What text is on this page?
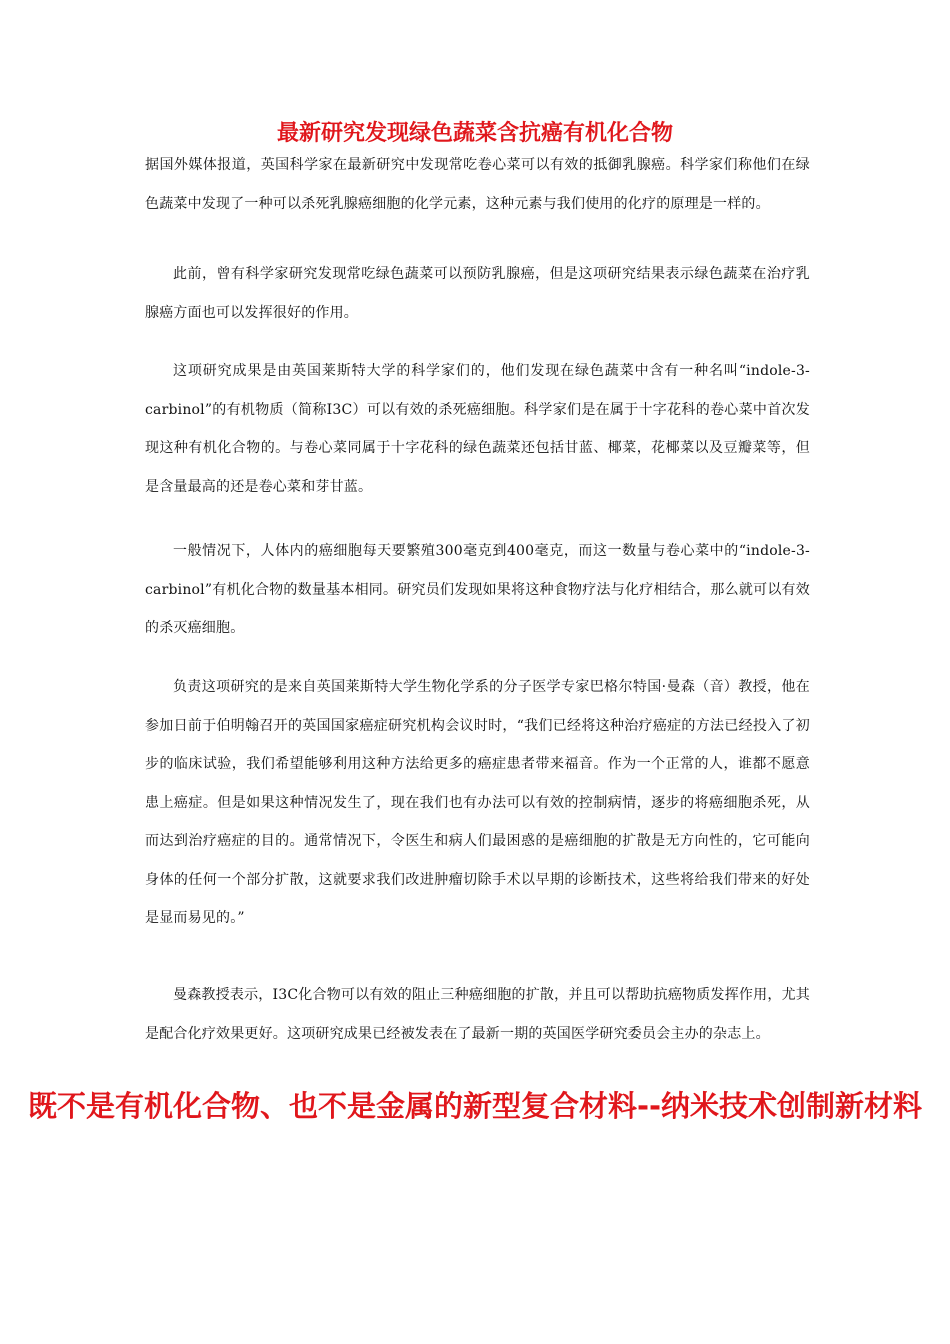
最新研究发现绿色蔬菜含抗癌有机化合物

据国外媒体报道，英国科学家在最新研究中发现常吃卷心菜可以有效的抵御乳腺癌。科学家们称他们在绿色蔬菜中发现了一种可以杀死乳腺癌细胞的化学元素，这种元素与我们使用的化疗的原理是一样的。

此前，曾有科学家研究发现常吃绿色蔬菜可以预防乳腺癌，但是这项研究结果表示绿色蔬菜在治疗乳腺癌方面也可以发挥很好的作用。

这项研究成果是由英国莱斯特大学的科学家们的，他们发现在绿色蔬菜中含有一种名叫“indole-3-carbinol”的有机物质（简称I3C）可以有效的杀死癌细胞。科学家们是在属于十字花科的卷心菜中首次发现这种有机化合物的。与卷心菜同属于十字花科的绿色蔬菜还包括甘蓝、椰菜，花椰菜以及豆瓣菜等，但是含量最高的还是卷心菜和芽甘蓝。

一般情况下，人体内的癌细胞每天要繁殖300毫克到400毫克，而这一数量与卷心菜中的“indole-3-carbinol”有机化合物的数量基本相同。研究员们发现如果将这种食物疗法与化疗相结合，那么就可以有效的杀灭癌细胞。

负责这项研究的是来自英国莱斯特大学生物化学系的分子医学专家巴格尔特国·曼森（音）教授，他在参加日前于伯明翰召开的英国国家癌症研究机构会议时时，“我们已经将这种治疗癌症的方法已经投入了初步的临床试验，我们希望能够利用这种方法给更多的癌症患者带来福音。作为一个正常的人，谁都不愿意患上癌症。但是如果这种情况发生了，现在我们也有办法可以有效的控制病情，逐步的将癌细胞杀死，从而达到治疗癌症的目的。通常情况下，令医生和病人们最困惑的是癌细胞的扩散是无方向性的，它可能向身体的任何一个部分扩散，这就要求我们改进肿瘤切除手术以早期的诊断技术，这些将给我们带来的好处是显而易见的。”

曼森教授表示，I3C化合物可以有效的阻止三种癌细胞的扩散，并且可以帮助抗癌物质发挥作用，尤其是配合化疗效果更好。这项研究成果已经被发表在了最新一期的英国医学研究委员会主办的杂志上。

既不是有机化合物、也不是金属的新型复合材料--纳米技术创制新材料
